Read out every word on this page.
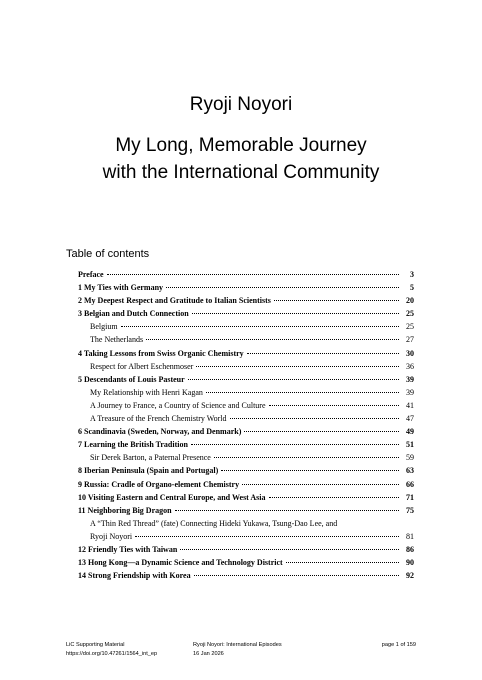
Ryoji Noyori
My Long, Memorable Journey
with the International Community
Table of contents
Preface	3
1 My Ties with Germany	5
2 My Deepest Respect and Gratitude to Italian Scientists	20
3 Belgian and Dutch Connection	25
Belgium	25
The Netherlands	27
4 Taking Lessons from Swiss Organic Chemistry	30
Respect for Albert Eschenmoser	36
5 Descendants of Louis Pasteur	39
My Relationship with Henri Kagan	39
A Journey to France, a Country of Science and Culture	41
A Treasure of the French Chemistry World	47
6 Scandinavia (Sweden, Norway, and Denmark)	49
7 Learning the British Tradition	51
Sir Derek Barton, a Paternal Presence	59
8 Iberian Peninsula (Spain and Portugal)	63
9 Russia: Cradle of Organo-element Chemistry	66
10 Visiting Eastern and Central Europe, and West Asia	71
11 Neighboring Big Dragon	75
A “Thin Red Thread” (fate) Connecting Hideki Yukawa, Tsung-Dao Lee, and
Ryoji Noyori	81
12 Friendly Ties with Taiwan	86
13 Hong Kong—a Dynamic Science and Technology District	90
14 Strong Friendship with Korea	92
LiC Supporting Material	Ryoji Noyori: International Episodes	page 1 of 159
https://doi.org/10.47261/1564_int_ep	16 Jan 2026
